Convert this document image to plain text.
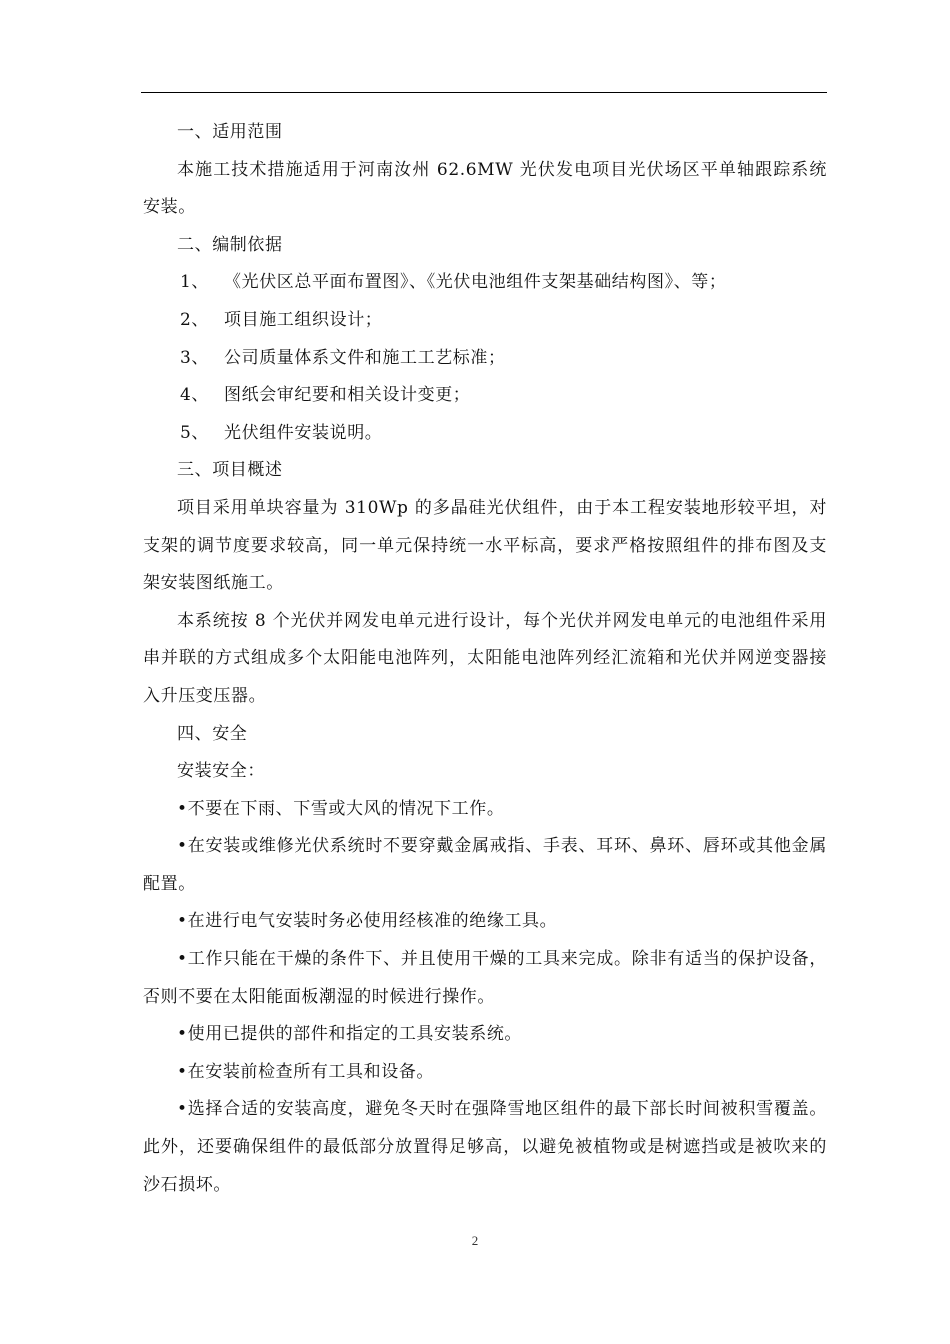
一、适用范围

本施工技术措施适用于河南汝州 62.6MW 光伏发电项目光伏场区平单轴跟踪系统安装。

二、编制依据

1、 《光伏区总平面布置图》、《光伏电池组件支架基础结构图》、等；

2、 项目施工组织设计；

3、 公司质量体系文件和施工工艺标准；

4、 图纸会审纪要和相关设计变更；

5、 光伏组件安装说明。

三、项目概述

项目采用单块容量为 310Wp 的多晶硅光伏组件，由于本工程安装地形较平坦，对支架的调节度要求较高，同一单元保持统一水平标高，要求严格按照组件的排布图及支架安装图纸施工。

本系统按 8 个光伏并网发电单元进行设计，每个光伏并网发电单元的电池组件采用串并联的方式组成多个太阳能电池阵列，太阳能电池阵列经汇流箱和光伏并网逆变器接入升压变压器。

四、安全

安装安全：

•不要在下雨、下雪或大风的情况下工作。

•在安装或维修光伏系统时不要穿戴金属戒指、手表、耳环、鼻环、唇环或其他金属配置。

•在进行电气安装时务必使用经核准的绝缘工具。

•工作只能在干燥的条件下、并且使用干燥的工具来完成。除非有适当的保护设备，否则不要在太阳能面板潮湿的时候进行操作。

•使用已提供的部件和指定的工具安装系统。

•在安装前检查所有工具和设备。

•选择合适的安装高度，避免冬天时在强降雪地区组件的最下部长时间被积雪覆盖。此外，还要确保组件的最低部分放置得足够高，以避免被植物或是树遮挡或是被吹来的沙石损坏。

2
